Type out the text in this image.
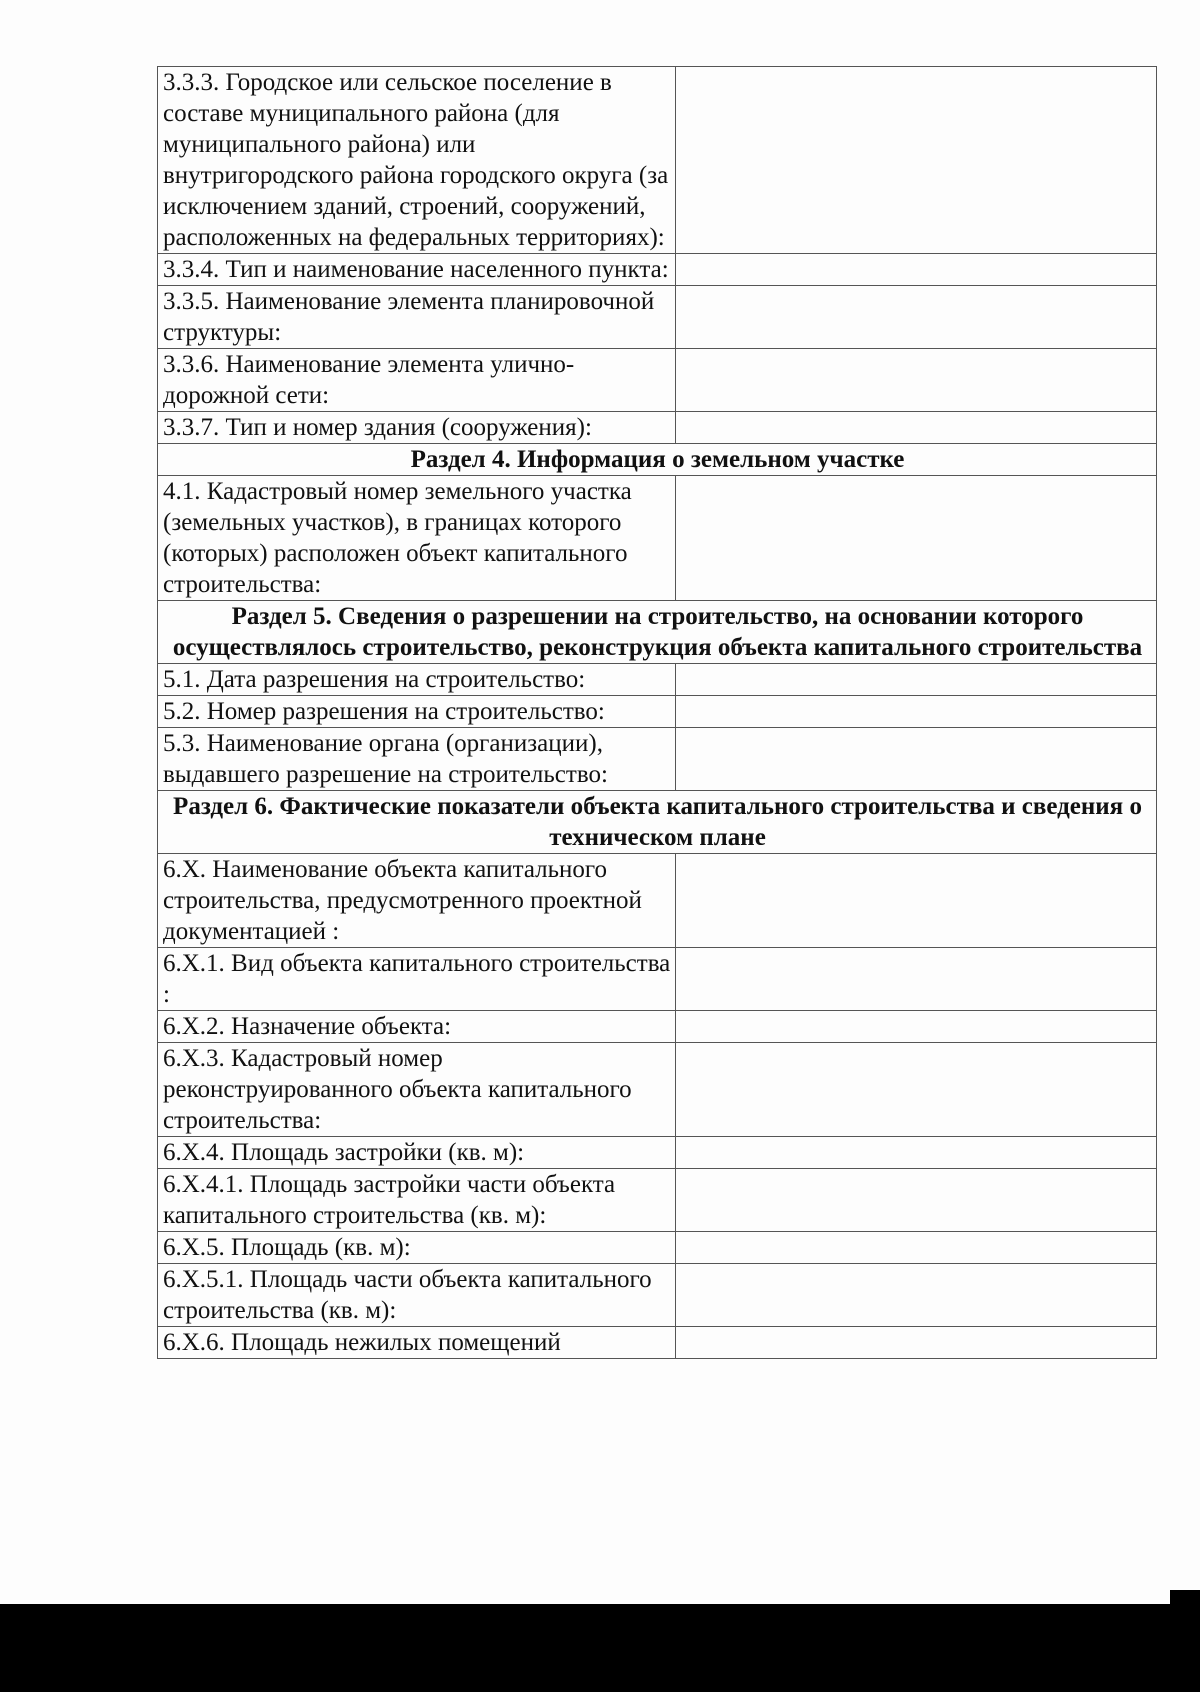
3.3.3. Городское или сельское поселение в составе муниципального района (для муниципального района) или внутригородского района городского округа (за исключением зданий, строений, сооружений, расположенных на федеральных территориях):	
3.3.4. Тип и наименование населенного пункта:	
3.3.5. Наименование элемента планировочной структуры:	
3.3.6. Наименование элемента улично-дорожной сети:	
3.3.7. Тип и номер здания (сооружения):	
Раздел 4. Информация о земельном участке	
4.1. Кадастровый номер земельного участка (земельных участков), в границах которого (которых) расположен объект капитального строительства:	
Раздел 5. Сведения о разрешении на строительство, на основании которого осуществлялось строительство, реконструкция объекта капитального строительства	
5.1. Дата разрешения на строительство:	
5.2. Номер разрешения на строительство:	
5.3. Наименование органа (организации), выдавшего разрешение на строительство:	
Раздел 6. Фактические показатели объекта капитального строительства и сведения о техническом плане	
6.X. Наименование объекта капитального строительства, предусмотренного проектной документацией :	
6.X.1. Вид объекта капитального строительства :	
6.X.2. Назначение объекта:	
6.X.3. Кадастровый номер реконструированного объекта капитального строительства:	
6.X.4. Площадь застройки (кв. м):	
6.X.4.1. Площадь застройки части объекта капитального строительства (кв. м):	
6.X.5. Площадь (кв. м):	
6.X.5.1. Площадь части объекта капитального строительства (кв. м):	
6.X.6. Площадь нежилых помещений	
